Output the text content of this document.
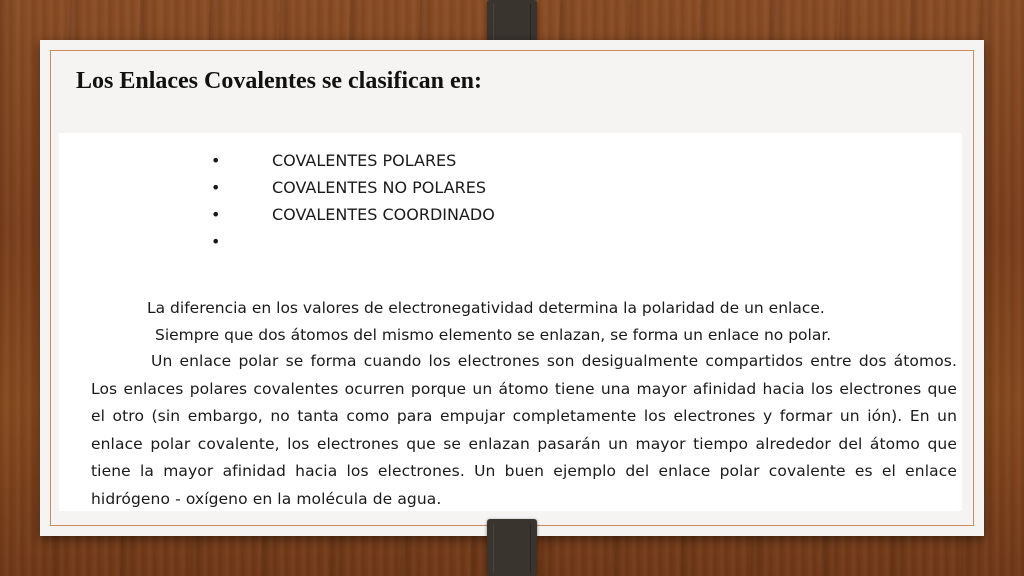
Los Enlaces Covalentes se clasifican en:
•	COVALENTES POLARES
•	COVALENTES NO POLARES
•	COVALENTES COORDINADO
•
La diferencia en los valores de electronegatividad determina la polaridad de un enlace.
Siempre que dos átomos del mismo elemento se enlazan, se forma un enlace no polar.

Un enlace polar se forma cuando los electrones son desigualmente compartidos entre dos átomos. Los enlaces polares covalentes ocurren porque un átomo tiene una mayor afinidad hacia los electrones que el otro (sin embargo, no tanta como para empujar completamente los electrones y formar un ión). En un enlace polar covalente, los electrones que se enlazan pasarán un mayor tiempo alrededor del átomo que tiene la mayor afinidad hacia los electrones. Un buen ejemplo del enlace polar covalente es el enlace hidrógeno - oxígeno en la molécula de agua.
